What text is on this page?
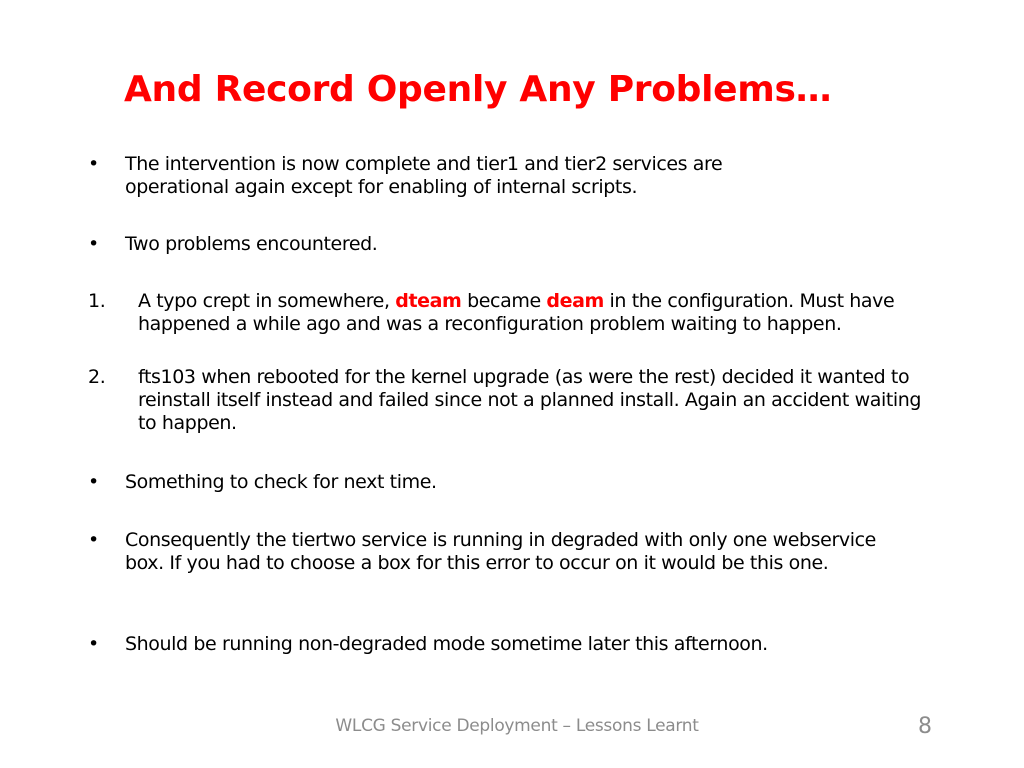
And Record Openly Any Problems…
• The intervention is now complete and tier1 and tier2 services are operational again except for enabling of internal scripts.
• Two problems encountered.
1. A typo crept in somewhere, dteam became deam in the configuration. Must have happened a while ago and was a reconfiguration problem waiting to happen.
2. fts103 when rebooted for the kernel upgrade (as were the rest) decided it wanted to reinstall itself instead and failed since not a planned install. Again an accident waiting to happen.
• Something to check for next time.
• Consequently the tiertwo service is running in degraded with only one webservice box. If you had to choose a box for this error to occur on it would be this one.
• Should be running non-degraded mode sometime later this afternoon.
WLCG Service Deployment – Lessons Learnt	8
